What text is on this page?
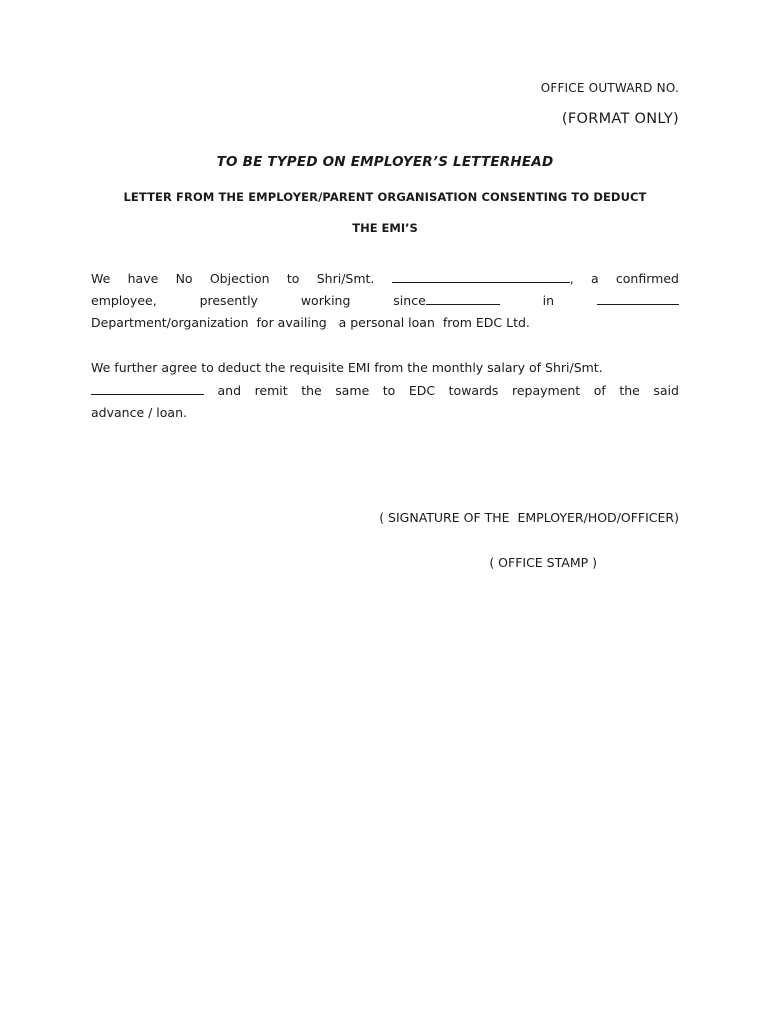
OFFICE OUTWARD NO.
(FORMAT ONLY)
TO BE TYPED ON EMPLOYER’S LETTERHEAD
LETTER FROM THE EMPLOYER/PARENT ORGANISATION CONSENTING TO DEDUCT
THE EMI’S
We have No Objection to Shri/Smt.	, a confirmed
employee,	presently	working	since	in
Department/organization  for availing   a personal loan  from EDC Ltd.
We further agree to deduct the requisite EMI from the monthly salary of Shri/Smt.
and remit the same to EDC towards repayment of the said
advance / loan.
( SIGNATURE OF THE  EMPLOYER/HOD/OFFICER)
( OFFICE STAMP )
